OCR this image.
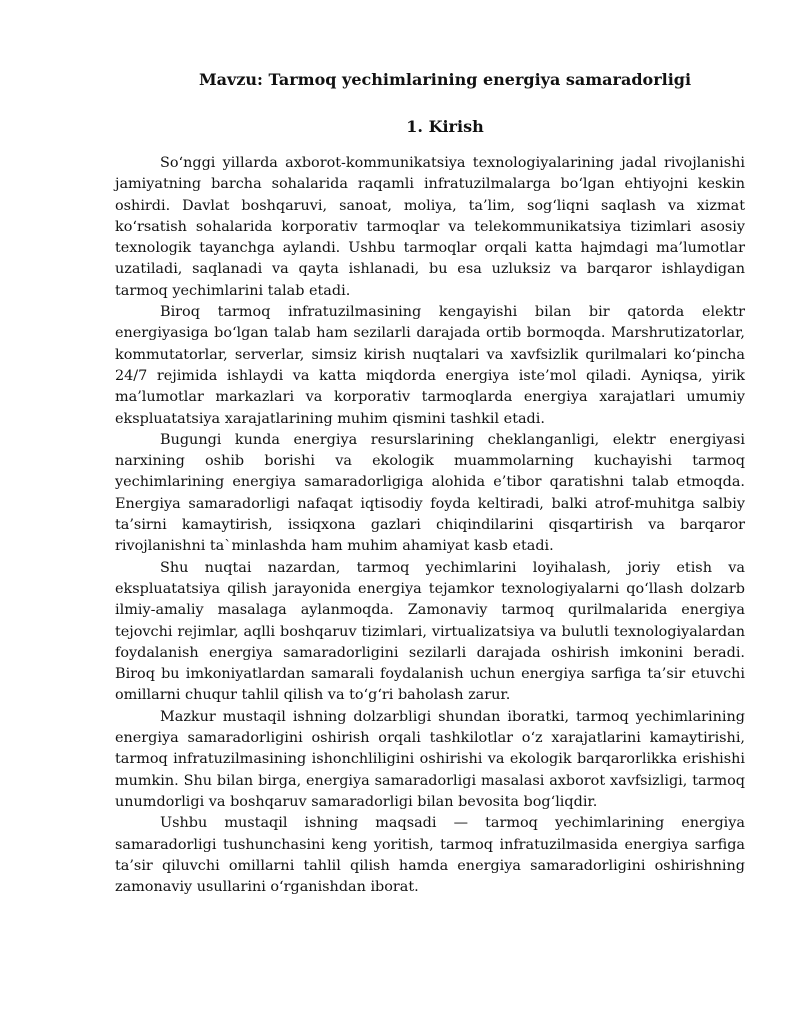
Mavzu: Tarmoq yechimlarining energiya samaradorligi
1. Kirish

So‘nggi yillarda axborot-kommunikatsiya texnologiyalarining jadal rivojlanishi jamiyatning barcha sohalarida raqamli infratuzilmalarga bo‘lgan ehtiyojni keskin oshirdi. Davlat boshqaruvi, sanoat, moliya, ta’lim, sog‘liqni saqlash va xizmat ko‘rsatish sohalarida korporativ tarmoqlar va telekommunikatsiya tizimlari asosiy texnologik tayanchga aylandi. Ushbu tarmoqlar orqali katta hajmdagi ma’lumotlar uzatiladi, saqlanadi va qayta ishlanadi, bu esa uzluksiz va barqaror ishlaydigan tarmoq yechimlarini talab etadi.

Biroq tarmoq infratuzilmasining kengayishi bilan bir qatorda elektr energiyasiga bo‘lgan talab ham sezilarli darajada ortib bormoqda. Marshrutizatorlar, kommutatorlar, serverlar, simsiz kirish nuqtalari va xavfsizlik qurilmalari ko‘pincha 24/7 rejimida ishlaydi va katta miqdorda energiya iste’mol qiladi. Ayniqsa, yirik ma’lumotlar markazlari va korporativ tarmoqlarda energiya xarajatlari umumiy ekspluatatsiya xarajatlarining muhim qismini tashkil etadi.

Bugungi kunda energiya resurslarining cheklanganligi, elektr energiyasi narxining oshib borishi va ekologik muammolarning kuchayishi tarmoq yechimlarining energiya samaradorligiga alohida e’tibor qaratishni talab etmoqda. Energiya samaradorligi nafaqat iqtisodiy foyda keltiradi, balki atrof-muhitga salbiy ta’sirni kamaytirish, issiqxona gazlari chiqindilarini qisqartirish va barqaror rivojlanishni ta`minlashda ham muhim ahamiyat kasb etadi.

Shu nuqtai nazardan, tarmoq yechimlarini loyihalash, joriy etish va ekspluatatsiya qilish jarayonida energiya tejamkor texnologiyalarni qo‘llash dolzarb ilmiy-amaliy masalaga aylanmoqda. Zamonaviy tarmoq qurilmalarida energiya tejovchi rejimlar, aqlli boshqaruv tizimlari, virtualizatsiya va bulutli texnologiyalardan foydalanish energiya samaradorligini sezilarli darajada oshirish imkonini beradi. Biroq bu imkoniyatlardan samarali foydalanish uchun energiya sarfiga ta’sir etuvchi omillarni chuqur tahlil qilish va to‘g‘ri baholash zarur.

Mazkur mustaqil ishning dolzarbligi shundan iboratki, tarmoq yechimlarining energiya samaradorligini oshirish orqali tashkilotlar o‘z xarajatlarini kamaytirishi, tarmoq infratuzilmasining ishonchliligini oshirishi va ekologik barqarorlikka erishishi mumkin. Shu bilan birga, energiya samaradorligi masalasi axborot xavfsizligi, tarmoq unumdorligi va boshqaruv samaradorligi bilan bevosita bog‘liqdir.

Ushbu mustaqil ishning maqsadi — tarmoq yechimlarining energiya samaradorligi tushunchasini keng yoritish, tarmoq infratuzilmasida energiya sarfiga ta’sir qiluvchi omillarni tahlil qilish hamda energiya samaradorligini oshirishning zamonaviy usullarini o‘rganishdan iborat.
